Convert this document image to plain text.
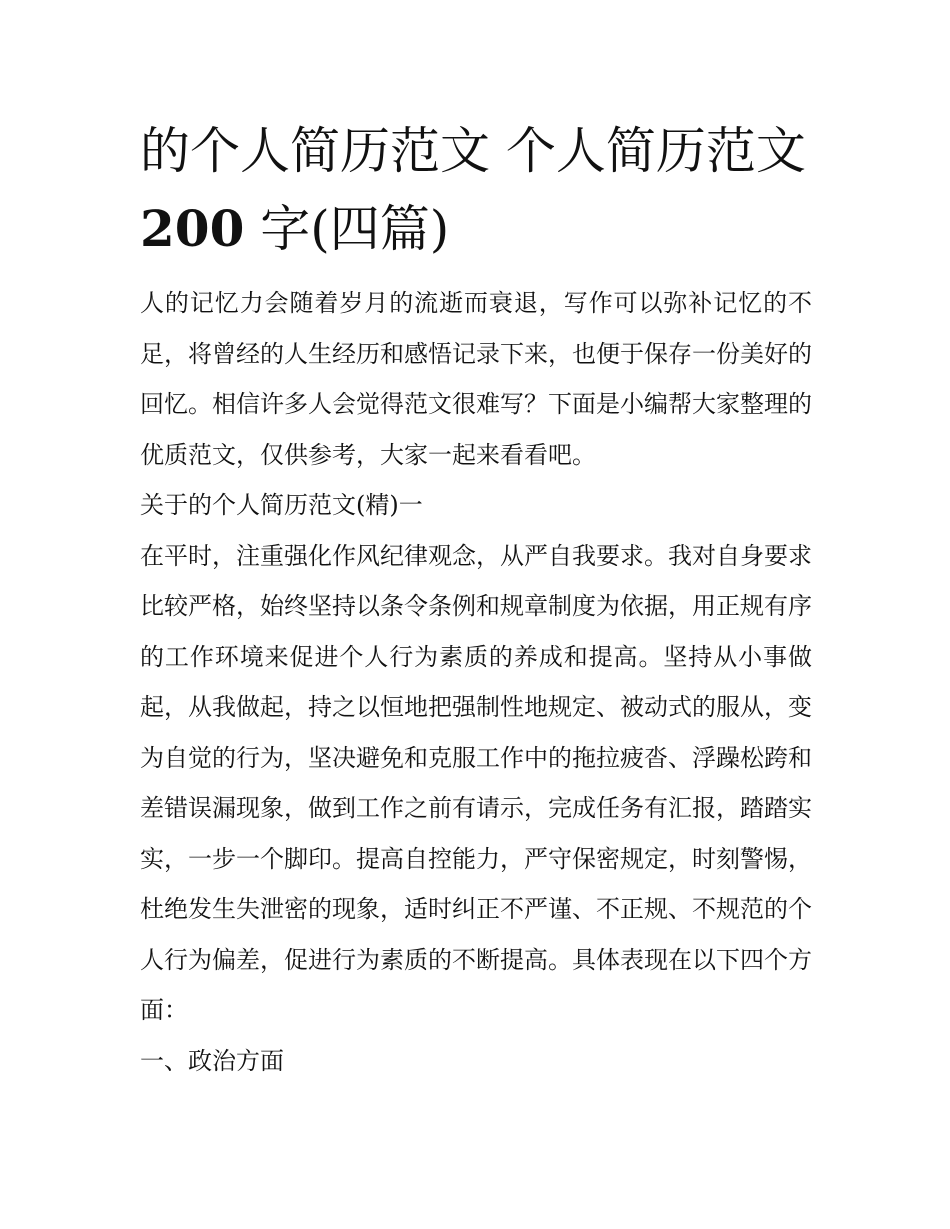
的个人简历范文 个人简历范文
200 字(四篇)

人的记忆力会随着岁月的流逝而衰退，写作可以弥补记忆的不足，将曾经的人生经历和感悟记录下来，也便于保存一份美好的回忆。相信许多人会觉得范文很难写？下面是小编帮大家整理的优质范文，仅供参考，大家一起来看看吧。

关于的个人简历范文(精)一

在平时，注重强化作风纪律观念，从严自我要求。我对自身要求比较严格，始终坚持以条令条例和规章制度为依据，用正规有序的工作环境来促进个人行为素质的养成和提高。坚持从小事做起，从我做起，持之以恒地把强制性地规定、被动式的服从，变为自觉的行为，坚决避免和克服工作中的拖拉疲沓、浮躁松跨和差错误漏现象，做到工作之前有请示，完成任务有汇报，踏踏实实，一步一个脚印。提高自控能力，严守保密规定，时刻警惕，杜绝发生失泄密的现象，适时纠正不严谨、不正规、不规范的个人行为偏差，促进行为素质的不断提高。具体表现在以下四个方面：

一、政治方面
